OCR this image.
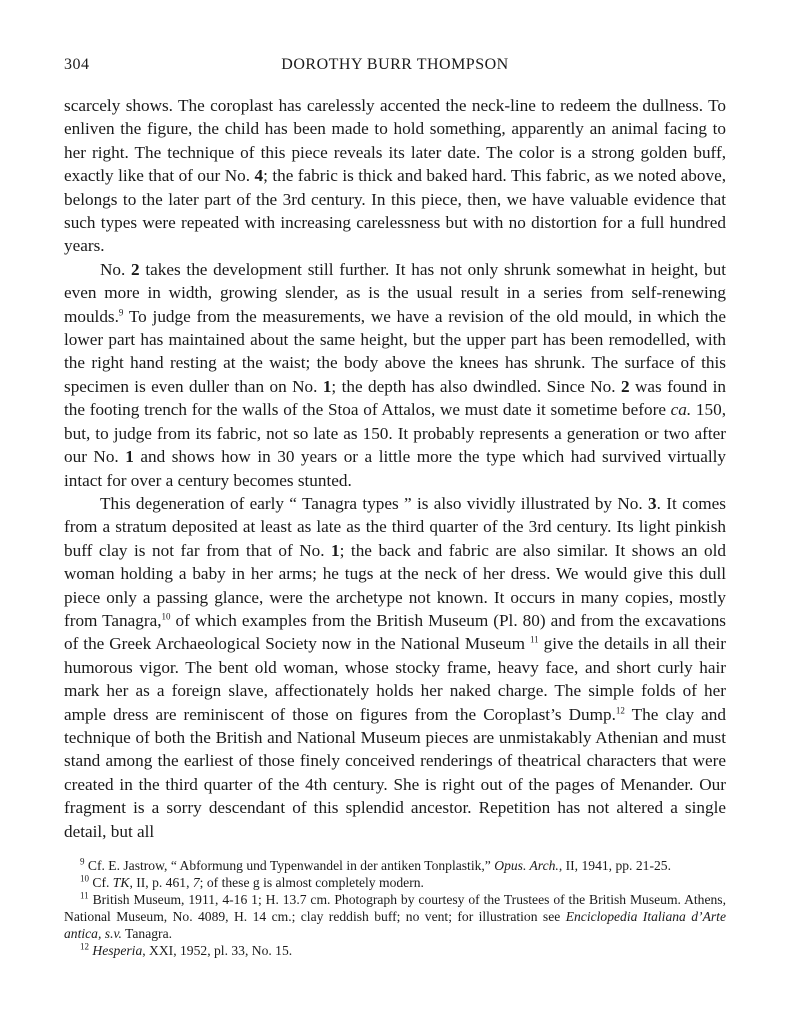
304	DOROTHY BURR THOMPSON

scarcely shows. The coroplast has carelessly accented the neck-line to redeem the dullness. To enliven the figure, the child has been made to hold something, apparently an animal facing to her right. The technique of this piece reveals its later date. The color is a strong golden buff, exactly like that of our No. 4; the fabric is thick and baked hard. This fabric, as we noted above, belongs to the later part of the 3rd century. In this piece, then, we have valuable evidence that such types were repeated with increasing carelessness but with no distortion for a full hundred years.

No. 2 takes the development still further. It has not only shrunk somewhat in height, but even more in width, growing slender, as is the usual result in a series from self-renewing moulds.$^9$ To judge from the measurements, we have a revision of the old mould, in which the lower part has maintained about the same height, but the upper part has been remodelled, with the right hand resting at the waist; the body above the knees has shrunk. The surface of this specimen is even duller than on No. 1; the depth has also dwindled. Since No. 2 was found in the footing trench for the walls of the Stoa of Attalos, we must date it sometime before ca. 150, but, to judge from its fabric, not so late as 150. It probably represents a generation or two after our No. 1 and shows how in 30 years or a little more the type which had survived virtually intact for over a century becomes stunted.

This degeneration of early “ Tanagra types ” is also vividly illustrated by No. 3. It comes from a stratum deposited at least as late as the third quarter of the 3rd century. Its light pinkish buff clay is not far from that of No. 1; the back and fabric are also similar. It shows an old woman holding a baby in her arms; he tugs at the neck of her dress. We would give this dull piece only a passing glance, were the archetype not known. It occurs in many copies, mostly from Tanagra,$^{10}$ of which examples from the British Museum (Pl. 80) and from the excavations of the Greek Archaeological Society now in the National Museum $^{11}$ give the details in all their humorous vigor. The bent old woman, whose stocky frame, heavy face, and short curly hair mark her as a foreign slave, affectionately holds her naked charge. The simple folds of her ample dress are reminiscent of those on figures from the Coroplast’s Dump.$^{12}$ The clay and technique of both the British and National Museum pieces are unmistakably Athenian and must stand among the earliest of those finely conceived renderings of theatrical characters that were created in the third quarter of the 4th century. She is right out of the pages of Menander. Our fragment is a sorry descendant of this splendid ancestor. Repetition has not altered a single detail, but all

$^9$ Cf. E. Jastrow, “ Abformung und Typenwandel in der antiken Tonplastik,” Opus. Arch., II, 1941, pp. 21-25.

$^{10}$ Cf. TK, II, p. 461, 7; of these g is almost completely modern.

$^{11}$ British Museum, 1911, 4-16 1; H. 13.7 cm. Photograph by courtesy of the Trustees of the British Museum. Athens, National Museum, No. 4089, H. 14 cm.; clay reddish buff; no vent; for illustration see Enciclopedia Italiana d’Arte antica, s.v. Tanagra.

$^{12}$ Hesperia, XXI, 1952, pl. 33, No. 15.
